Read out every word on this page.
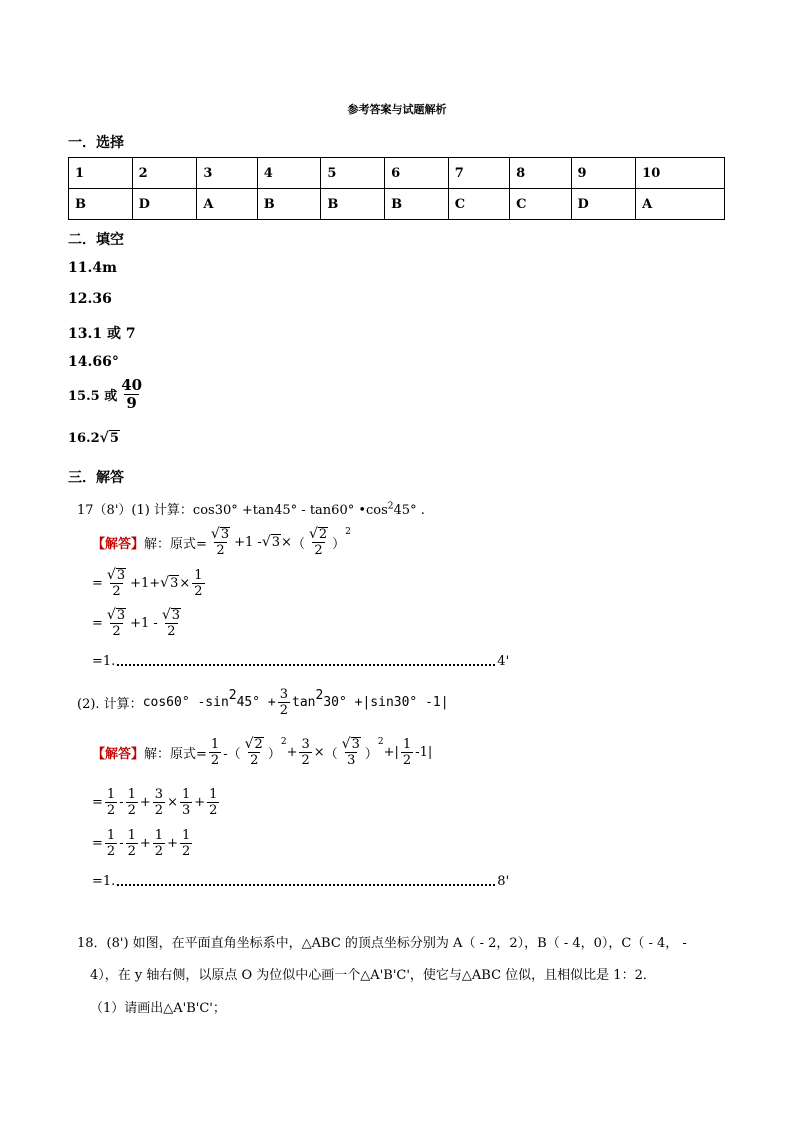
参考答案与试题解析
一．选择
1	2	3	4	5	6	7	8	9	10
B	D	A	B	B	B	C	C	D	A
二．填空
11.4m
12.36
13.1 或 7
14.66°
15.5 或 $\frac{40}{9}$
16.2 √ 5
三．解答
17（8'）(1) 计算：cos30° +tan45° - tan60° $•\cos^245^\circ$ .
【解答】 解：原式= $\frac{√ 3}{2} +1$ - √ 3 × （ $\frac{√ 2}{2}$ ）
$^2$
= $\frac{√ 3}{2} +1+$ √ $3 \times \frac{1}{2}$
= $\frac{√ 3}{2} +1 - \frac{√ 3}{2}$
=1.	4'
(2). 计算： cos60° -sin 2 $45^\circ + \frac{3}{2}$ tan 2 30° +|sin30° -1|
【解答】 解：原式= $\frac{1}{2}$ -（ $\frac{√ 2}{2}$ ）
$^2$
+ $\frac{3}{2}$ × （ $\frac{√ 3}{3}$ ）
$^2$
+| $\frac{1}{2} -1|$
= $\frac{1}{2} - \frac{1}{2} + \frac{3}{2} \times \frac{1}{3} + \frac{1}{2}$
= $\frac{1}{2} - \frac{1}{2} + \frac{1}{2} + \frac{1}{2}$
=1.	8'
18．(8') 如图，在平面直角坐标系中，△ABC 的顶点坐标分别为 A（ - 2，2），B（ - 4，0），C（ - 4， -
4），在 y 轴右侧，以原点 O 为位似中心画一个△A'B'C'，使它与△ABC 位似，且相似比是 1：2．
（1）请画出△A'B'C'；
